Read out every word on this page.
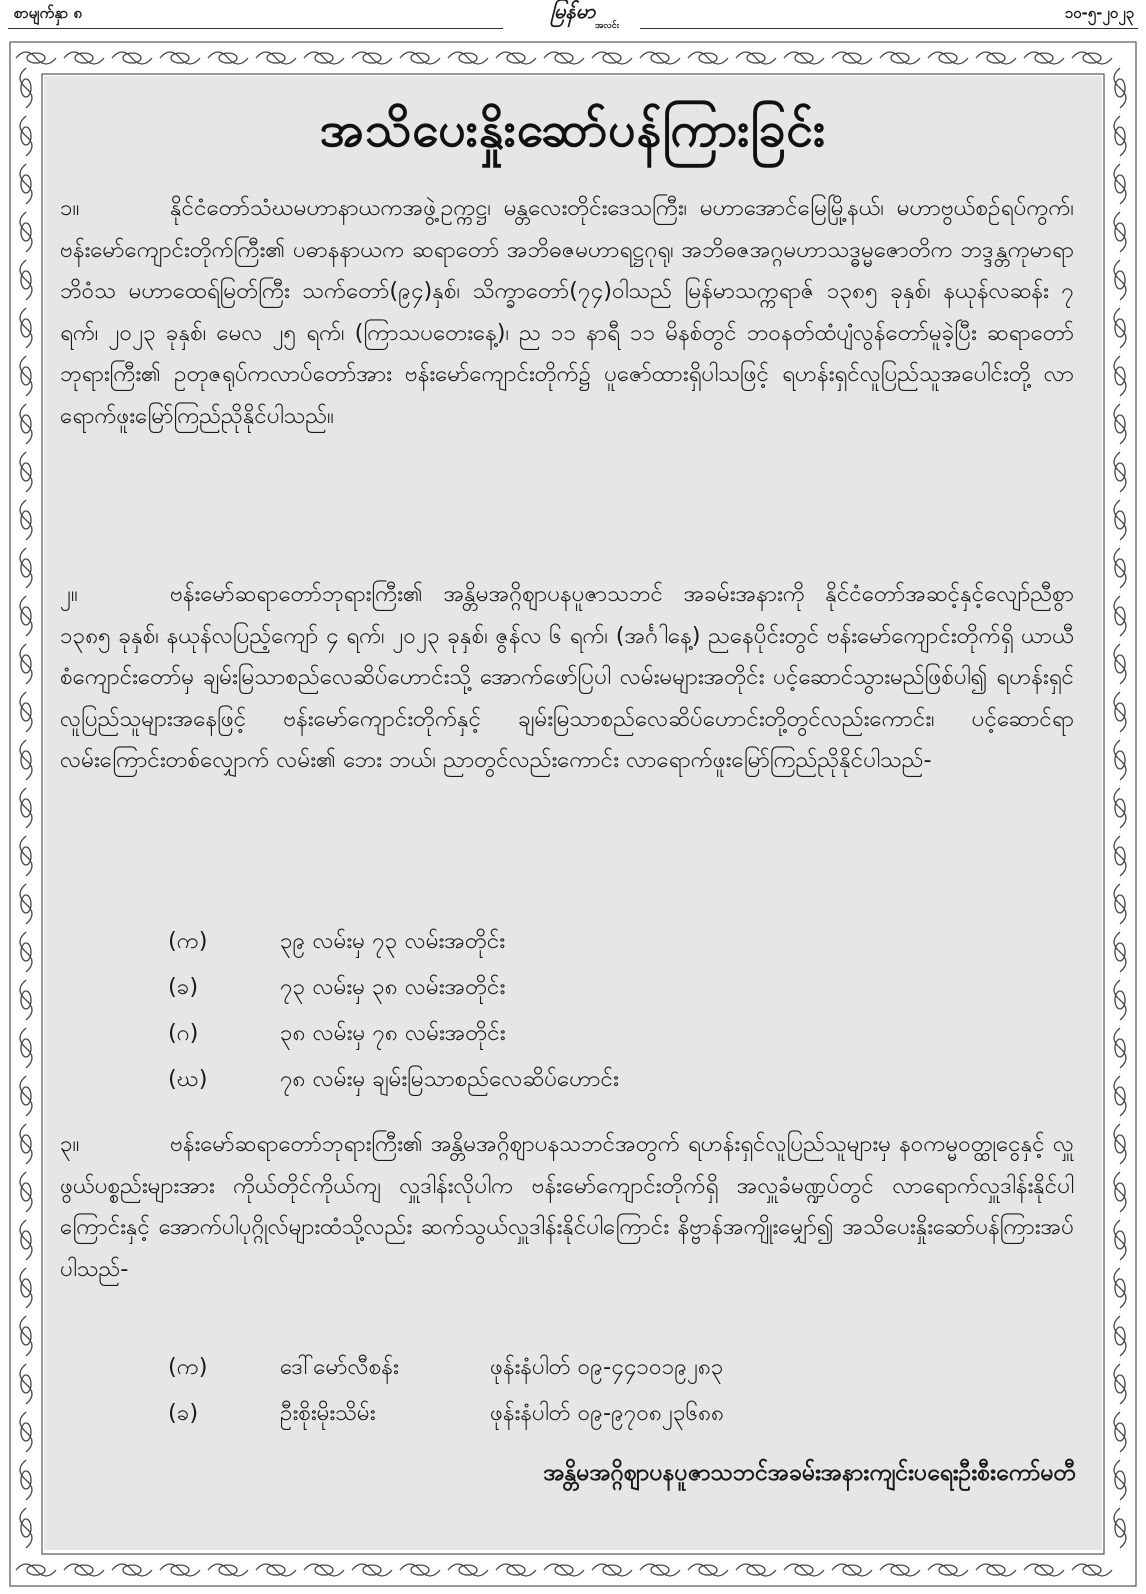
စာမျက်နှာ ၈	မြန်မာ
အလင်း
၁၀-၅-၂၀၂၃
အသိပေးနှိုးဆော်ပန်ကြားခြင်း
၁။	နိုင်ငံတော်သံဃမဟာနာယကအဖွဲ့ဥက္ကဋ္ဌ၊ မန္တလေးတိုင်းဒေသကြီး၊ မဟာအောင်မြေမြို့နယ်၊ မဟာဗွယ်စဉ်ရပ်ကွက်၊ ဗန်းမော်ကျောင်းတိုက်ကြီး၏ ပဓာနနာယက ဆရာတော် အဘိဓဇမဟာရဋ္ဌဂုရု၊ အဘိဓဇအဂ္ဂမဟာသဒ္ဓမ္မဇောတိက ဘဒ္ဒန္တကုမာရာဘိဝံသ မဟာထေရ်မြတ်ကြီး သက်တော်(၉၄)နှစ်၊ သိက္ခာတော်(၇၄)ဝါသည် မြန်မာသက္ကရာဇ် ၁၃၈၅ ခုနှစ်၊ နယုန်လဆန်း ၇ ရက်၊ ၂၀၂၃ ခုနှစ်၊ မေလ ၂၅ ရက်၊ (ကြာသပတေးနေ့)၊ ည ၁၁ နာရီ ၁၁ မိနစ်တွင် ဘဝနတ်ထံပျံလွန်တော်မူခဲ့ပြီး ဆရာတော်ဘုရားကြီး၏ ဥတုဇရုပ်ကလာပ်တော်အား ဗန်းမော်ကျောင်းတိုက်၌ ပူဇော်ထားရှိပါသဖြင့် ရဟန်းရှင်လူပြည်သူအပေါင်းတို့ လာရောက်ဖူးမြော်ကြည်ညိုနိုင်ပါသည်။
၂။	ဗန်းမော်ဆရာတော်ဘုရားကြီး၏ အန္တိမအဂ္ဂိဈာပနပူဇာသဘင် အခမ်းအနားကို နိုင်ငံတော်အဆင့်နှင့်လျော်ညီစွာ ၁၃၈၅ ခုနှစ်၊ နယုန်လပြည့်ကျော် ၄ ရက်၊ ၂၀၂၃ ခုနှစ်၊ ဇွန်လ ၆ ရက်၊ (အင်္ဂါနေ့) ညနေပိုင်းတွင် ဗန်းမော်ကျောင်းတိုက်ရှိ ယာယီစံကျောင်းတော်မှ ချမ်းမြသာစည်လေဆိပ်ဟောင်းသို့ အောက်ဖော်ပြပါ လမ်းမများအတိုင်း ပင့်ဆောင်သွားမည်ဖြစ်ပါ၍ ရဟန်းရှင်လူပြည်သူများအနေဖြင့် ဗန်းမော်ကျောင်းတိုက်နှင့် ချမ်းမြသာစည်လေဆိပ်ဟောင်းတို့တွင်လည်းကောင်း၊ ပင့်ဆောင်ရာလမ်းကြောင်းတစ်လျှောက် လမ်း၏ ဘေး ဘယ်၊ ညာတွင်လည်းကောင်း လာရောက်ဖူးမြော်ကြည်ညိုနိုင်ပါသည်-
(က)	၃၉ လမ်းမှ ၇၃ လမ်းအတိုင်း
(ခ)	၇၃ လမ်းမှ ၃၈ လမ်းအတိုင်း
(ဂ)	၃၈ လမ်းမှ ၇၈ လမ်းအတိုင်း
(ဃ)	၇၈ လမ်းမှ ချမ်းမြသာစည်လေဆိပ်ဟောင်း
၃။	ဗန်းမော်ဆရာတော်ဘုရားကြီး၏ အန္တိမအဂ္ဂိဈာပနသဘင်အတွက် ရဟန်းရှင်လူပြည်သူများမှ နဝကမ္မဝတ္ထုငွေနှင့် လှူဖွယ်ပစ္စည်းများအား ကိုယ်တိုင်ကိုယ်ကျ လှူဒါန်းလိုပါက ဗန်းမော်ကျောင်းတိုက်ရှိ အလှူခံမဏ္ဍပ်တွင် လာရောက်လှူဒါန်းနိုင်ပါကြောင်းနှင့် အောက်ပါပုဂ္ဂိုလ်များထံသို့လည်း ဆက်သွယ်လှူဒါန်းနိုင်ပါကြောင်း နိဗ္ဗာန်အကျိုးမျှော်၍ အသိပေးနှိုးဆော်ပန်ကြားအပ်ပါသည်-
(က)	ဒေါ်မော်လီစန်း	ဖုန်းနံပါတ် ၀၉-၄၄၁၀၁၉၂၈၃
(ခ)	ဦးစိုးမိုးသိမ်း	ဖုန်းနံပါတ် ၀၉-၉၇၀၈၂၃၆၈၈
အန္တိမအဂ္ဂိဈာပနပူဇာသဘင်အခမ်းအနားကျင်းပရေးဦးစီးကော်မတီ
